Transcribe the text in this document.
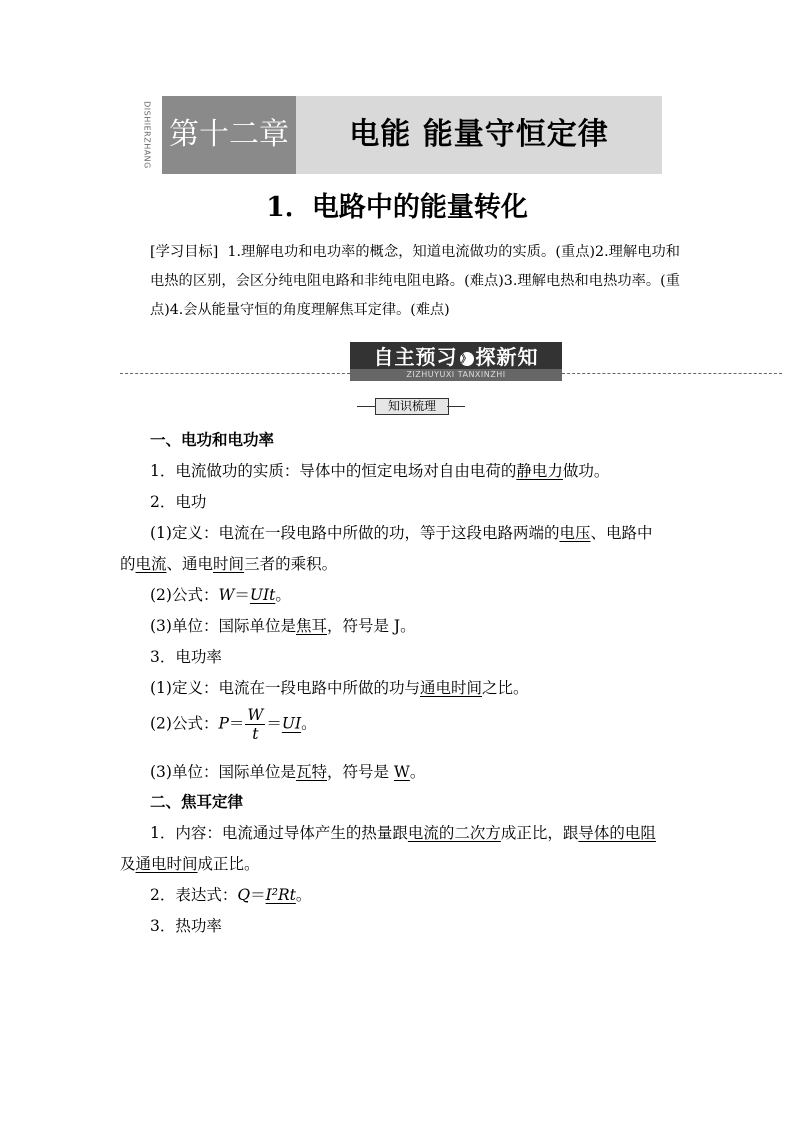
DISHIERZHANG 第十二章	电能 能量守恒定律
1．电路中的能量转化
[学习目标] 1.理解电功和电功率的概念，知道电流做功的实质。(重点)2.理解电功和电热的区别，会区分纯电阻电路和非纯电阻电路。(难点)3.理解电热和电热功率。(重点)4.会从能量守恒的角度理解焦耳定律。(难点)
自主预习 》 探新知
ZIZHUYUXI TANXINZHI
知识梳理
一、电功和电功率
1．电流做功的实质：导体中的恒定电场对自由电荷的静电力做功。
2．电功
(1)定义：电流在一段电路中所做的功，等于这段电路两端的电压、电路中
的电流、通电时间三者的乘积。
(2)公式：W＝UIt。
(3)单位：国际单位是焦耳，符号是 J。
3．电功率
(1)定义：电流在一段电路中所做的功与通电时间之比。
(2)公式：$P= \frac{W}{t} =UI$。
(3)单位：国际单位是瓦特，符号是 W。
二、焦耳定律
1．内容：电流通过导体产生的热量跟电流的二次方成正比，跟导体的电阻
及通电时间成正比。
2．表达式：Q＝I²Rt。
3．热功率
